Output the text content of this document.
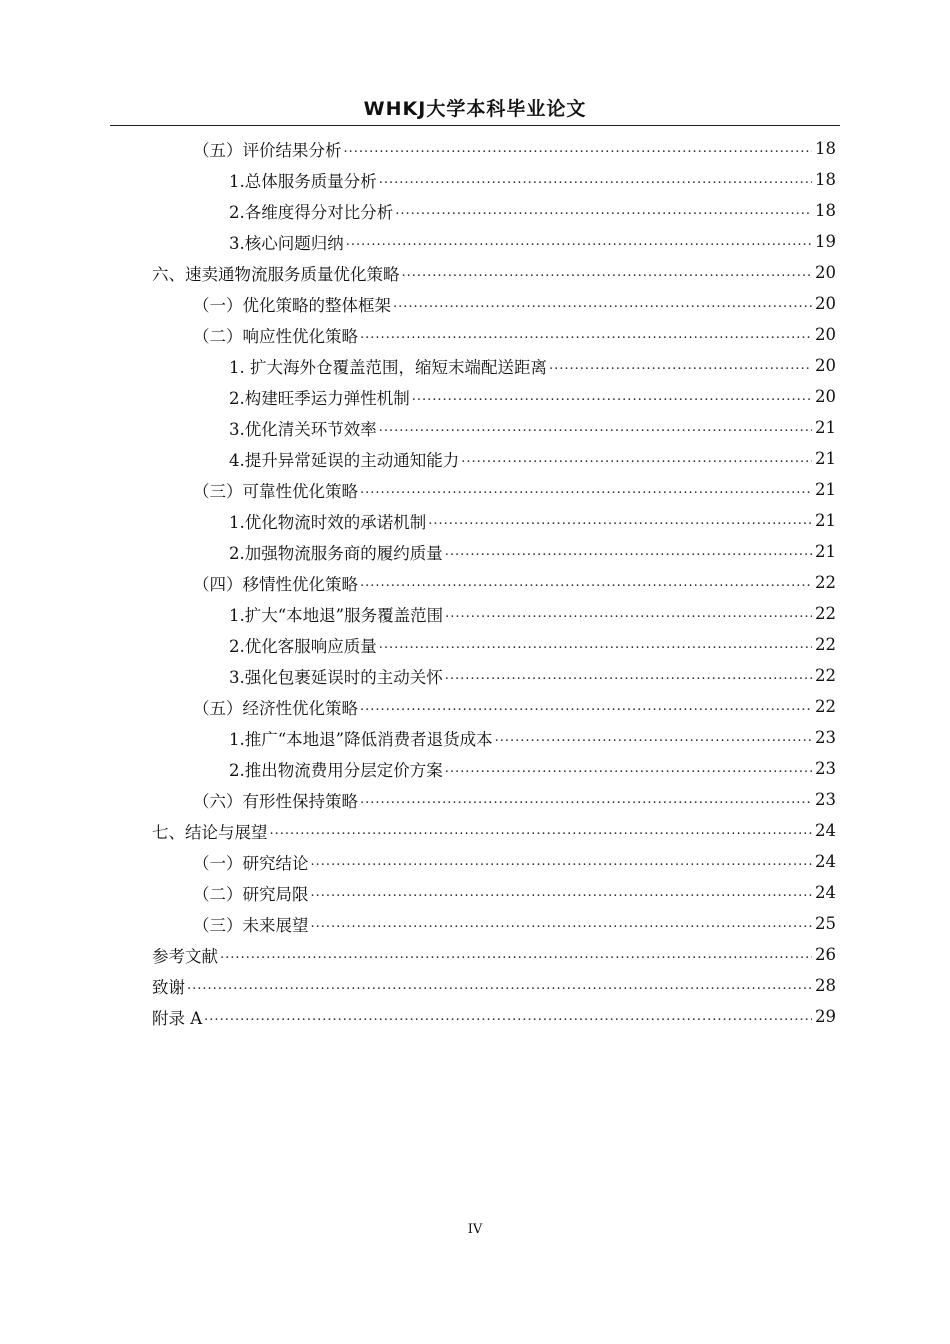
WHKJ大学本科毕业论文
（五）评价结果分析 .....	18
1.总体服务质量分析 .....	18
2.各维度得分对比分析 .....	18
3.核心问题归纳 .....	19
六、速卖通物流服务质量优化策略 .....	20
（一）优化策略的整体框架 .....	20
（二）响应性优化策略 .....	20
1. 扩大海外仓覆盖范围，缩短末端配送距离 .....	20
2.构建旺季运力弹性机制 .....	20
3.优化清关环节效率 .....	21
4.提升异常延误的主动通知能力 .....	21
（三）可靠性优化策略 .....	21
1.优化物流时效的承诺机制 .....	21
2.加强物流服务商的履约质量 .....	21
（四）移情性优化策略 .....	22
1.扩大“本地退”服务覆盖范围 .....	22
2.优化客服响应质量 .....	22
3.强化包裹延误时的主动关怀 .....	22
（五）经济性优化策略 .....	22
1.推广“本地退”降低消费者退货成本 .....	23
2.推出物流费用分层定价方案 .....	23
（六）有形性保持策略 .....	23
七、结论与展望 .....	24
（一）研究结论 .....	24
（二）研究局限 .....	24
（三）未来展望 .....	25
参考文献 .....	26
致谢 .....	28
附录 A .....	29
IV
